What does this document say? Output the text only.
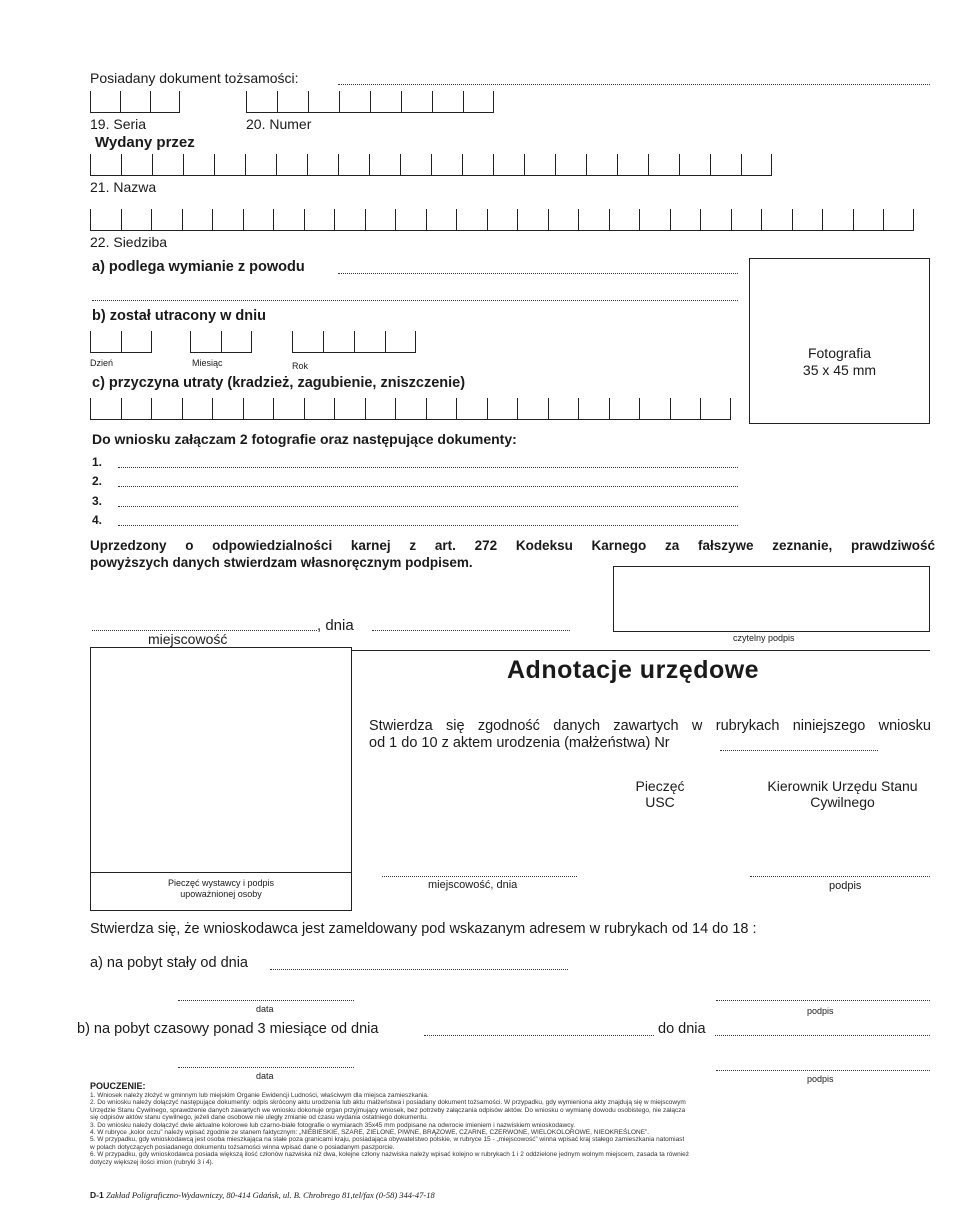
Posiadany dokument tożsamości:
19. Seria	20. Numer
Wydany przez
21. Nazwa
22. Siedziba
a) podlega wymianie z powodu
b) został utracony w dniu
Dzień	Miesiąc	Rok
c) przyczyna utraty (kradzież, zagubienie, zniszczenie)
Fotografia
35 x 45 mm
Do wniosku załączam 2 fotografie oraz następujące dokumenty:
1.
2.
3.
4.
Uprzedzony o odpowiedzialności karnej z art. 272 Kodeksu Karnego za fałszywe zeznanie, prawdziwość
powyższych danych stwierdzam własnoręcznym podpisem.
czytelny podpis
, dnia
miejscowość
Pieczęć wystawcy i podpis
upoważnionej osoby
Adnotacje urzędowe
Stwierdza się zgodność danych zawartych w rubrykach niniejszego wniosku
od 1 do 10 z aktem urodzenia (małżeństwa) Nr
Pieczęć
USC
Kierownik Urzędu Stanu
Cywilnego
miejscowość, dnia	podpis
Stwierdza się, że wnioskodawca jest zameldowany pod wskazanym adresem w rubrykach od 14 do 18 :
a) na pobyt stały od dnia
data	podpis
b) na pobyt czasowy ponad 3 miesiące od dnia	do dnia
data	podpis
POUCZENIE:

1. Wniosek należy złożyć w gminnym lub miejskim Organie Ewidencji Ludności, właściwym dla miejsca zamieszkania.

2. Do wniosku należy dołączyć następujące dokumenty: odpis skrócony aktu urodzenia lub aktu małżeństwa i posiadany dokument tożsamości. W przypadku, gdy wymieniona akty znajdują się w miejscowym

Urzędzie Stanu Cywilnego, sprawdzenie danych zawartych we wniosku dokonuje organ przyjmujący wniosek, bez potrzeby załączania odpisów aktów. Do wniosku o wymianę dowodu osobistego, nie załącza

się odpisów aktów stanu cywilnego, jeżeli dane osobowe nie uległy zmianie od czasu wydania ostatniego dokumentu.

3. Do wniosku należy dołączyć dwie aktualne kolorowe lub czarno-białe fotografie o wymiarach 35x45 mm podpisane na odwrocie imieniem i nazwiskiem wnioskodawcy.

4. W rubryce „kolor oczu” należy wpisać zgodnie ze stanem faktycznym: „NIEBIESKIE, SZARE, ZIELONE, PIWNE, BRĄZOWE, CZARNE, CZERWONE, WIELOKOLOROWE, NIEOKREŚLONE”.

5. W przypadku, gdy wnioskodawcą jest osoba mieszkająca na stałe poza granicami kraju, posiadająca obywatelstwo polskie, w rubryce 15 - „miejscowość” winna wpisać kraj stałego zamieszkania natomiast

w polach dotyczących posiadanego dokumentu tożsamości winna wpisać dane o posiadanym paszporcie.

6. W przypadku, gdy wnioskodawca posiada większą ilość członów nazwiska niż dwa, kolejne człony nazwiska należy wpisać kolejno w rubrykach 1 i 2 oddzielone jednym wolnym miejscem, zasada ta również

dotyczy większej ilości imion (rubryki 3 i 4).

D-1 Zakład Poligraficzno-Wydawniczy, 80-414 Gdańsk, ul. B. Chrobrego 81,tel/fax (0-58) 344-47-18
